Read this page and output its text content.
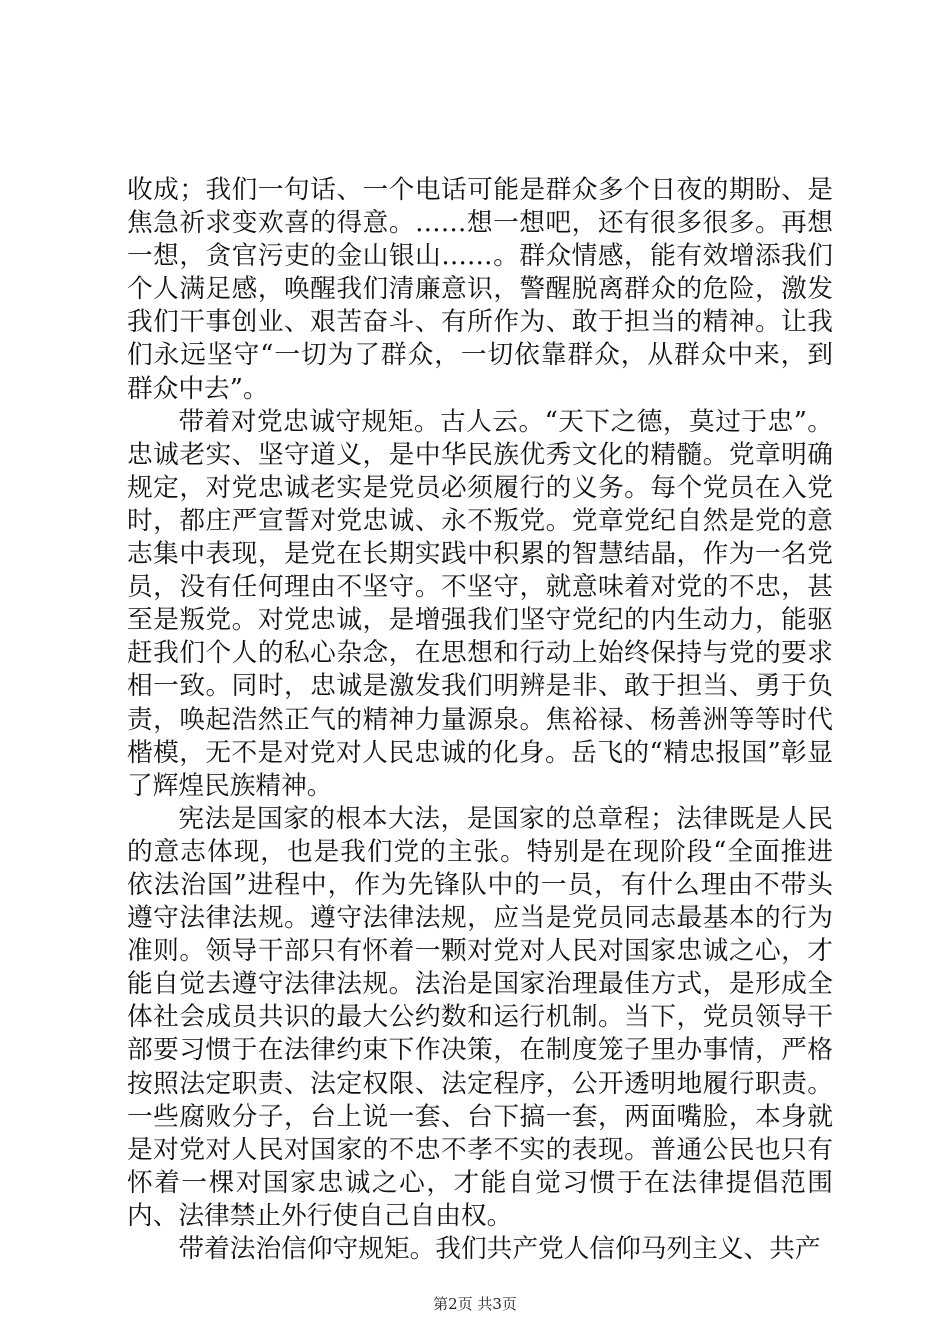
收成；我们一句话、一个电话可能是群众多个日夜的期盼、是焦急祈求变欢喜的得意。……想一想吧，还有很多很多。再想一想，贪官污吏的金山银山……。群众情感，能有效增添我们个人满足感，唤醒我们清廉意识，警醒脱离群众的危险，激发我们干事创业、艰苦奋斗、有所作为、敢于担当的精神。让我们永远坚守“一切为了群众，一切依靠群众，从群众中来，到群众中去”。

带着对党忠诚守规矩。古人云。“天下之德，莫过于忠”。忠诚老实、坚守道义，是中华民族优秀文化的精髓。党章明确规定，对党忠诚老实是党员必须履行的义务。每个党员在入党时，都庄严宣誓对党忠诚、永不叛党。党章党纪自然是党的意志集中表现，是党在长期实践中积累的智慧结晶，作为一名党员，没有任何理由不坚守。不坚守，就意味着对党的不忠，甚至是叛党。对党忠诚，是增强我们坚守党纪的内生动力，能驱赶我们个人的私心杂念，在思想和行动上始终保持与党的要求相一致。同时，忠诚是激发我们明辨是非、敢于担当、勇于负责，唤起浩然正气的精神力量源泉。焦裕禄、杨善洲等等时代楷模，无不是对党对人民忠诚的化身。岳飞的“精忠报国”彰显了辉煌民族精神。

宪法是国家的根本大法，是国家的总章程；法律既是人民的意志体现，也是我们党的主张。特别是在现阶段“全面推进依法治国”进程中，作为先锋队中的一员，有什么理由不带头遵守法律法规。遵守法律法规，应当是党员同志最基本的行为准则。领导干部只有怀着一颗对党对人民对国家忠诚之心，才能自觉去遵守法律法规。法治是国家治理最佳方式，是形成全体社会成员共识的最大公约数和运行机制。当下，党员领导干部要习惯于在法律约束下作决策，在制度笼子里办事情，严格按照法定职责、法定权限、法定程序，公开透明地履行职责。一些腐败分子，台上说一套、台下搞一套，两面嘴脸，本身就是对党对人民对国家的不忠不孝不实的表现。普通公民也只有怀着一棵对国家忠诚之心，才能自觉习惯于在法律提倡范围内、法律禁止外行使自己自由权。

带着法治信仰守规矩。我们共产党人信仰马列主义、共产

第2页 共3页
